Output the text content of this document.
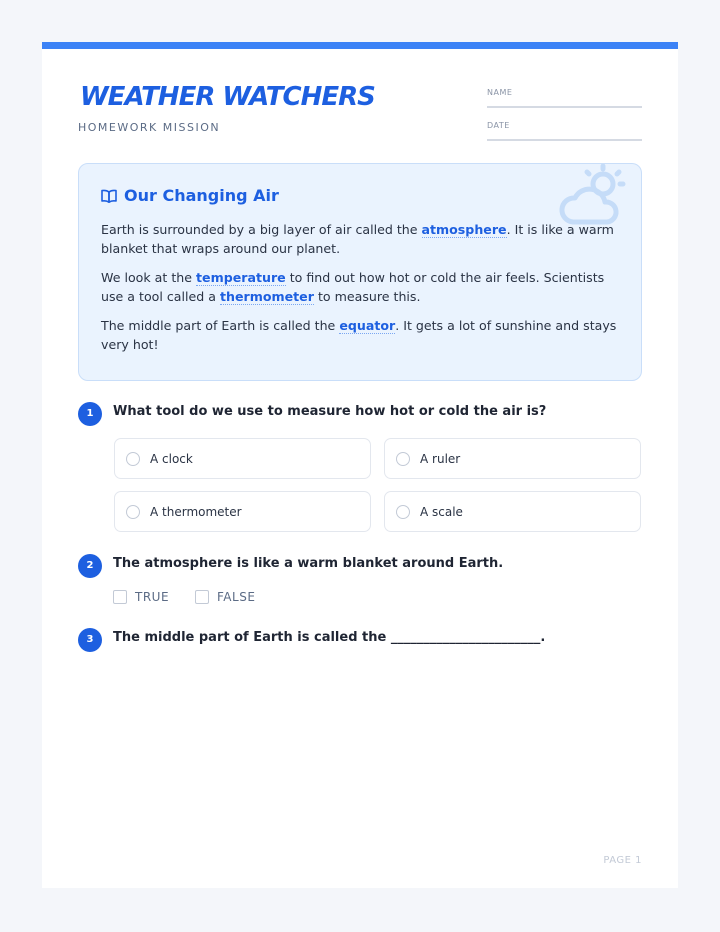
WEATHER WATCHERS
HOMEWORK MISSION
NAME
DATE
Our Changing Air

Earth is surrounded by a big layer of air called the atmosphere. It is like a warm blanket that wraps around our planet.

We look at the temperature to find out how hot or cold the air feels. Scientists use a tool called a thermometer to measure this.

The middle part of Earth is called the equator. It gets a lot of sunshine and stays very hot!

1	What tool do we use to measure how hot or cold the air is?
A clock	A ruler
A thermometer	A scale
2	The atmosphere is like a warm blanket around Earth.
TRUE	FALSE
3	The middle part of Earth is called the _______________________.
PAGE 1
